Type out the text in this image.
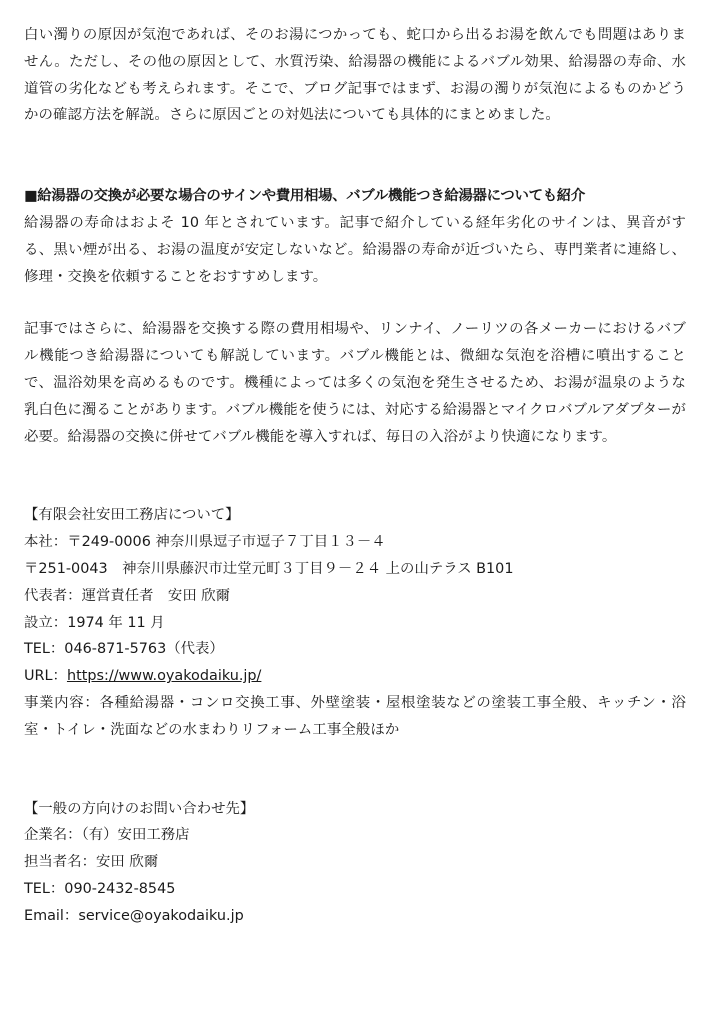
白い濁りの原因が気泡であれば、そのお湯につかっても、蛇口から出るお湯を飲んでも問題はありません。ただし、その他の原因として、水質汚染、給湯器の機能によるバブル効果、給湯器の寿命、水道管の劣化なども考えられます。そこで、ブログ記事ではまず、お湯の濁りが気泡によるものかどうかの確認方法を解説。さらに原因ごとの対処法についても具体的にまとめました。

■給湯器の交換が必要な場合のサインや費用相場、バブル機能つき給湯器についても紹介

給湯器の寿命はおよそ 10 年とされています。記事で紹介している経年劣化のサインは、異音がする、黒い煙が出る、お湯の温度が安定しないなど。給湯器の寿命が近づいたら、専門業者に連絡し、修理・交換を依頼することをおすすめします。

記事ではさらに、給湯器を交換する際の費用相場や、リンナイ、ノーリツの各メーカーにおけるバブル機能つき給湯器についても解説しています。バブル機能とは、微細な気泡を浴槽に噴出することで、温浴効果を高めるものです。機種によっては多くの気泡を発生させるため、お湯が温泉のような乳白色に濁ることがあります。バブル機能を使うには、対応する給湯器とマイクロバブルアダプターが必要。給湯器の交換に併せてバブル機能を導入すれば、毎日の入浴がより快適になります。

【有限会社安田工務店について】

本社：〒249-0006 神奈川県逗子市逗子７丁目１３－４

〒251-0043　神奈川県藤沢市辻堂元町３丁目９－２４ 上の山テラス B101

代表者：運営責任者　安田 欣爾

設立：1974 年 11 月

TEL：046-871-5763（代表）

URL：https://www.oyakodaiku.jp/

事業内容：各種給湯器・コンロ交換工事、外壁塗装・屋根塗装などの塗装工事全般、キッチン・浴室・トイレ・洗面などの水まわりリフォーム工事全般ほか

【一般の方向けのお問い合わせ先】

企業名：（有）安田工務店

担当者名：安田 欣爾

TEL：090-2432-8545

Email：service@oyakodaiku.jp
